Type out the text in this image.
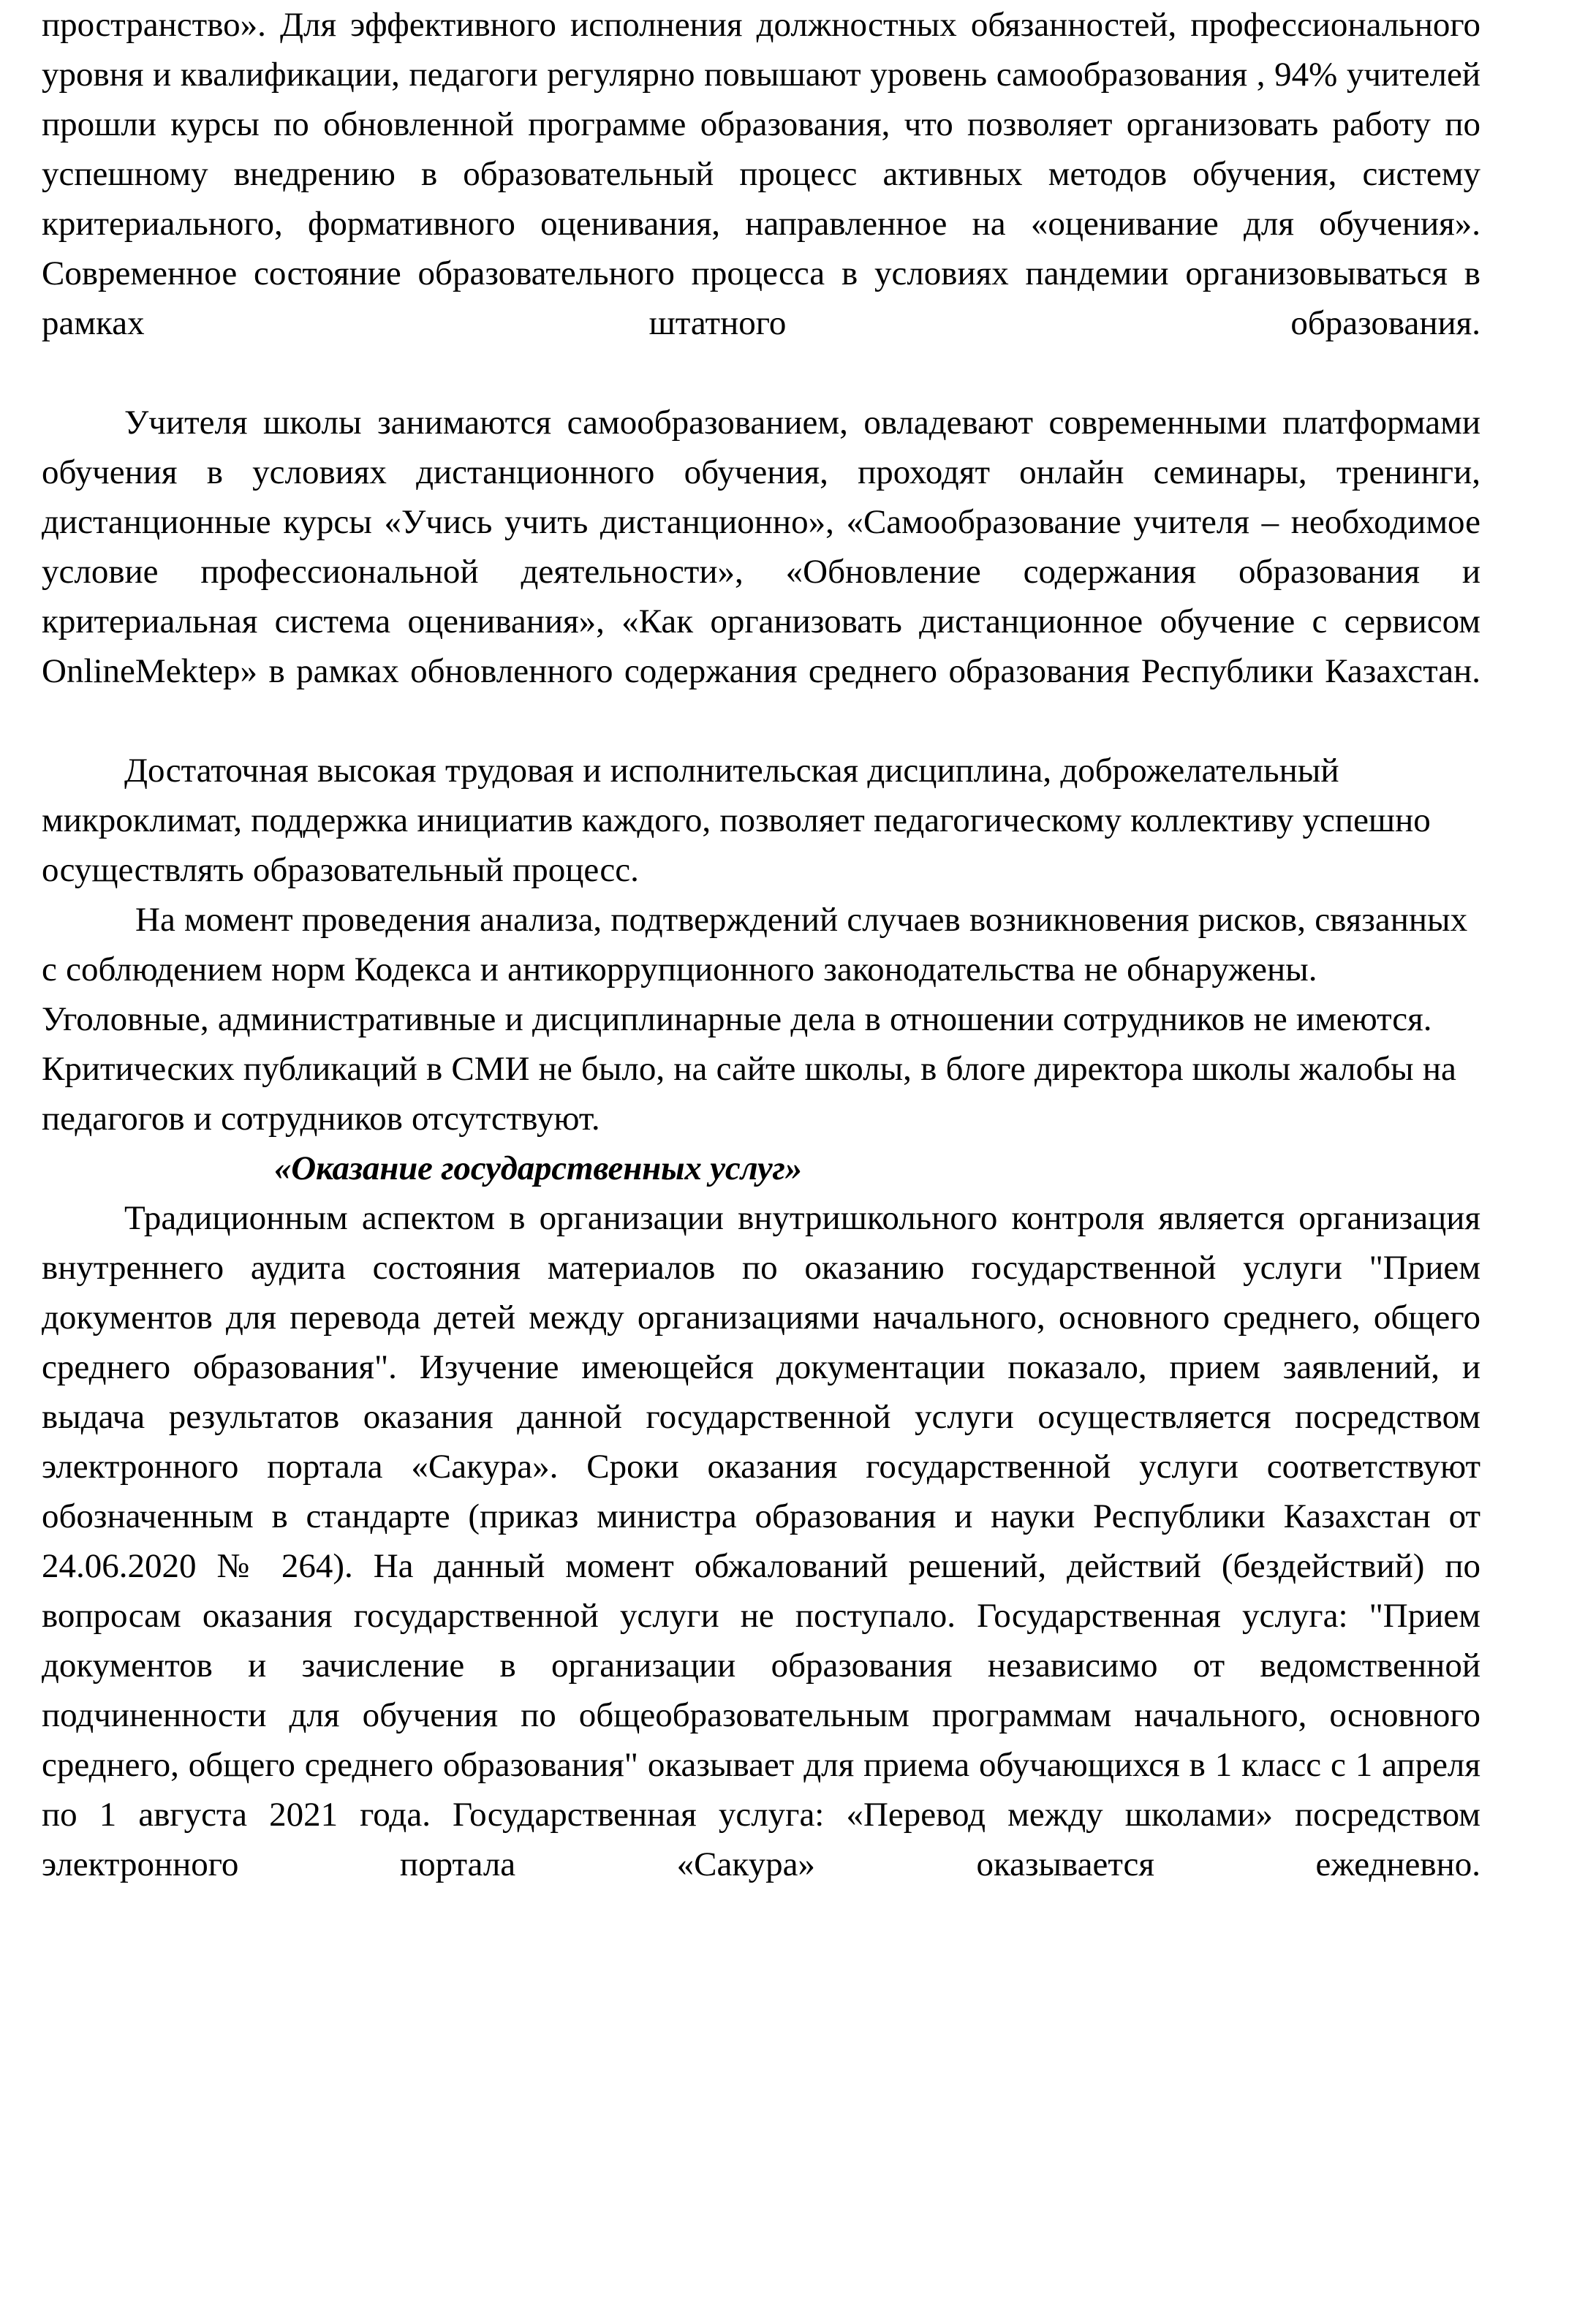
пространство». Для эффективного исполнения должностных обязанностей, профессионального уровня и квалификации, педагоги регулярно повышают уровень самообразования , 94% учителей прошли курсы по обновленной программе образования, что позволяет организовать работу по успешному внедрению в образовательный процесс активных методов обучения, систему критериального, формативного оценивания, направленное на «оценивание для обучения». Современное состояние образовательного процесса в условиях пандемии организовываться в рамках штатного образования.

Учителя школы занимаются самообразованием, овладевают современными платформами обучения в условиях дистанционного обучения, проходят онлайн семинары, тренинги, дистанционные курсы «Учись учить дистанционно», «Самообразование учителя – необходимое условие профессиональной деятельности», «Обновление содержания образования и критериальная система оценивания», «Как организовать дистанционное обучение с сервисом OnlineMektep» в рамках обновленного содержания среднего образования Республики Казахстан.

Достаточная высокая трудовая и исполнительская дисциплина, доброжелательный микроклимат, поддержка инициатив каждого, позволяет педагогическому коллективу успешно осуществлять образовательный процесс.

На момент проведения анализа, подтверждений случаев возникновения рисков, связанных с соблюдением норм Кодекса и антикоррупционного законодательства не обнаружены.

Уголовные, административные и дисциплинарные дела в отношении сотрудников не имеются.

Критических публикаций в СМИ не было, на сайте школы, в блоге директора школы жалобы на педагогов и сотрудников отсутствуют.

«Оказание государственных услуг»

Традиционным аспектом в организации внутришкольного контроля является организация внутреннего аудита состояния материалов по оказанию государственной услуги "Прием документов для перевода детей между организациями начального, основного среднего, общего среднего образования". Изучение имеющейся документации показало, прием заявлений, и выдача результатов оказания данной государственной услуги осуществляется посредством электронного портала «Сакура». Сроки оказания государственной услуги соответствуют обозначенным в стандарте (приказ министра образования и науки Республики Казахстан от 24.06.2020 № 264). На данный момент обжалований решений, действий (бездействий) по вопросам оказания государственной услуги не поступало. Государственная услуга: "Прием документов и зачисление в организации образования независимо от ведомственной подчиненности для обучения по общеобразовательным программам начального, основного среднего, общего среднего образования" оказывает для приема обучающихся в 1 класс с 1 апреля по 1 августа 2021 года. Государственная услуга: «Перевод между школами» посредством электронного портала «Сакура» оказывается ежедневно.
